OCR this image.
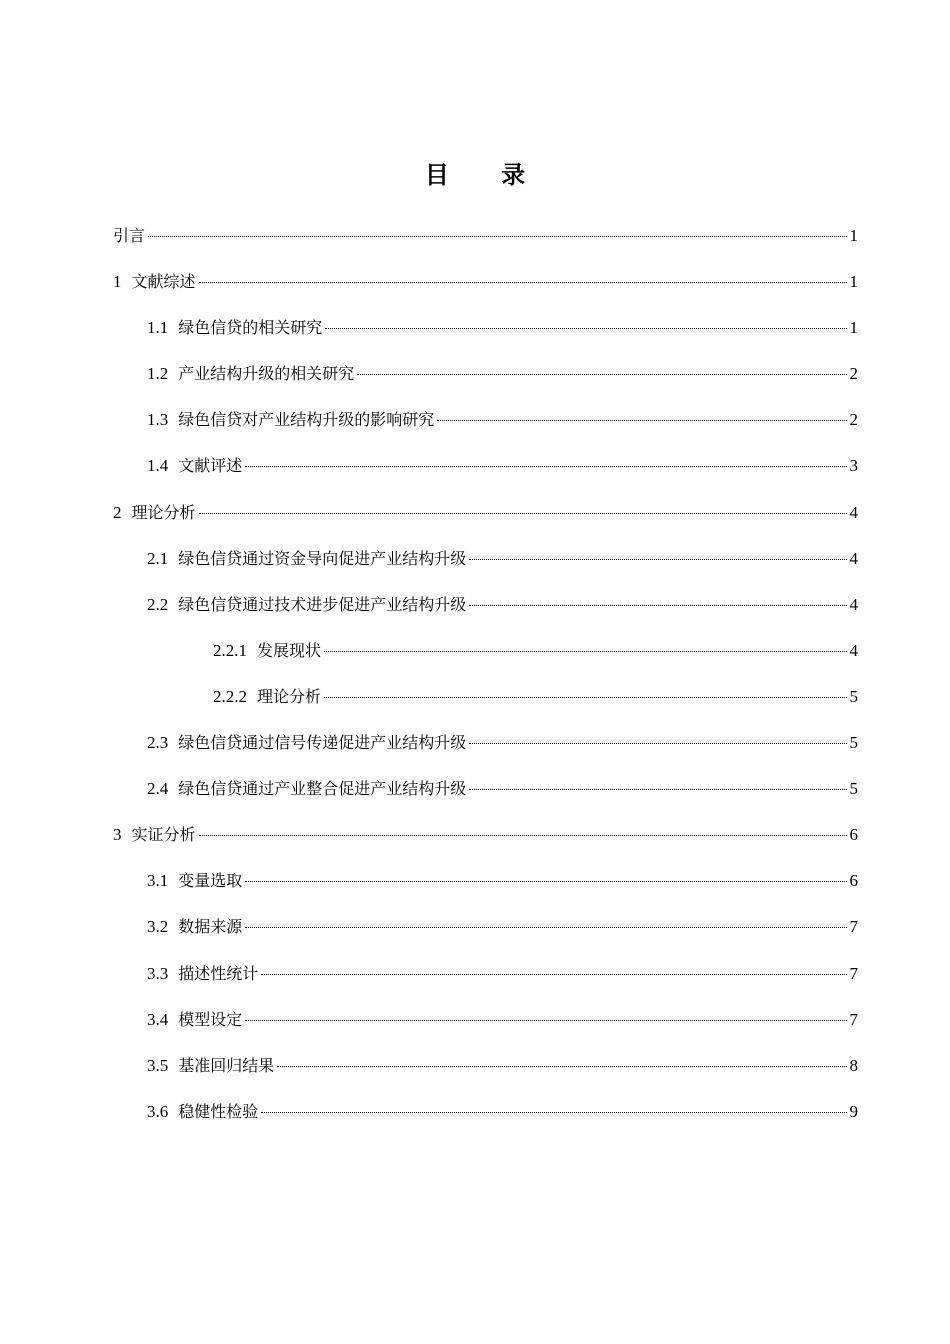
目 录
引言	1
1 文献综述	1
1.1 绿色信贷的相关研究	1
1.2 产业结构升级的相关研究	2
1.3 绿色信贷对产业结构升级的影响研究	2
1.4 文献评述	3
2 理论分析	4
2.1 绿色信贷通过资金导向促进产业结构升级	4
2.2 绿色信贷通过技术进步促进产业结构升级	4
2.2.1 发展现状	4
2.2.2 理论分析	5
2.3 绿色信贷通过信号传递促进产业结构升级	5
2.4 绿色信贷通过产业整合促进产业结构升级	5
3 实证分析	6
3.1 变量选取	6
3.2 数据来源	7
3.3 描述性统计	7
3.4 模型设定	7
3.5 基准回归结果	8
3.6 稳健性检验	9
